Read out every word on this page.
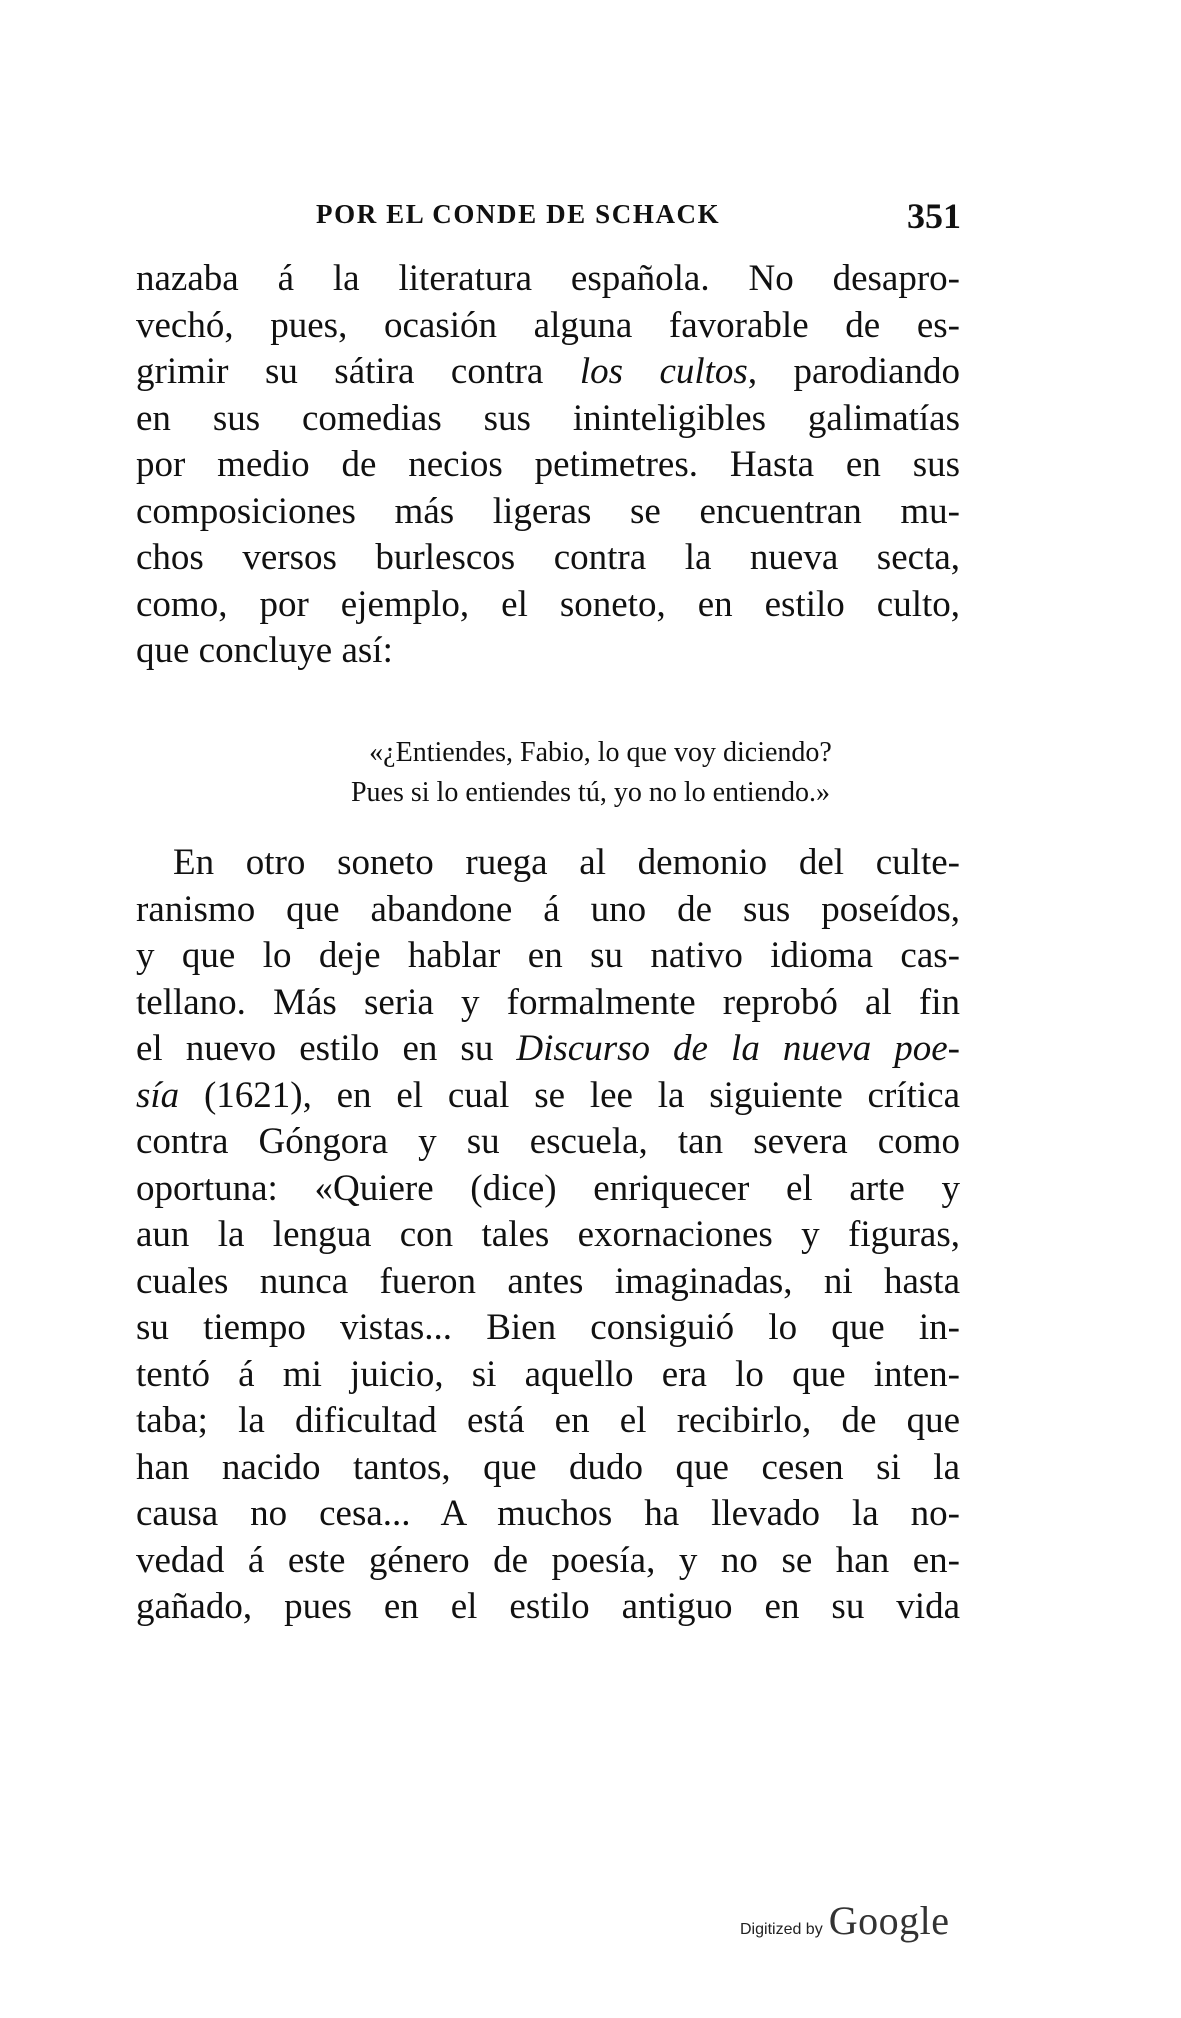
POR EL CONDE DE SCHACK	351
nazaba á la literatura española. No desapro-
vechó, pues, ocasión alguna favorable de es-
grimir su sátira contra los cultos, parodiando
en sus comedias sus ininteligibles galimatías
por medio de necios petimetres. Hasta en sus
composiciones más ligeras se encuentran mu-
chos versos burlescos contra la nueva secta,
como, por ejemplo, el soneto, en estilo culto,
que concluye así:
«¿Entiendes, Fabio, lo que voy diciendo?
Pues si lo entiendes tú, yo no lo entiendo.»
En otro soneto ruega al demonio del culte-
ranismo que abandone á uno de sus poseídos,
y que lo deje hablar en su nativo idioma cas-
tellano. Más seria y formalmente reprobó al fin
el nuevo estilo en su Discurso de la nueva poe-
sía (1621), en el cual se lee la siguiente crítica
contra Góngora y su escuela, tan severa como
oportuna: «Quiere (dice) enriquecer el arte y
aun la lengua con tales exornaciones y figuras,
cuales nunca fueron antes imaginadas, ni hasta
su tiempo vistas... Bien consiguió lo que in-
tentó á mi juicio, si aquello era lo que inten-
taba; la dificultad está en el recibirlo, de que
han nacido tantos, que dudo que cesen si la
causa no cesa... A muchos ha llevado la no-
vedad á este género de poesía, y no se han en-
gañado, pues en el estilo antiguo en su vida
Digitized by Google
